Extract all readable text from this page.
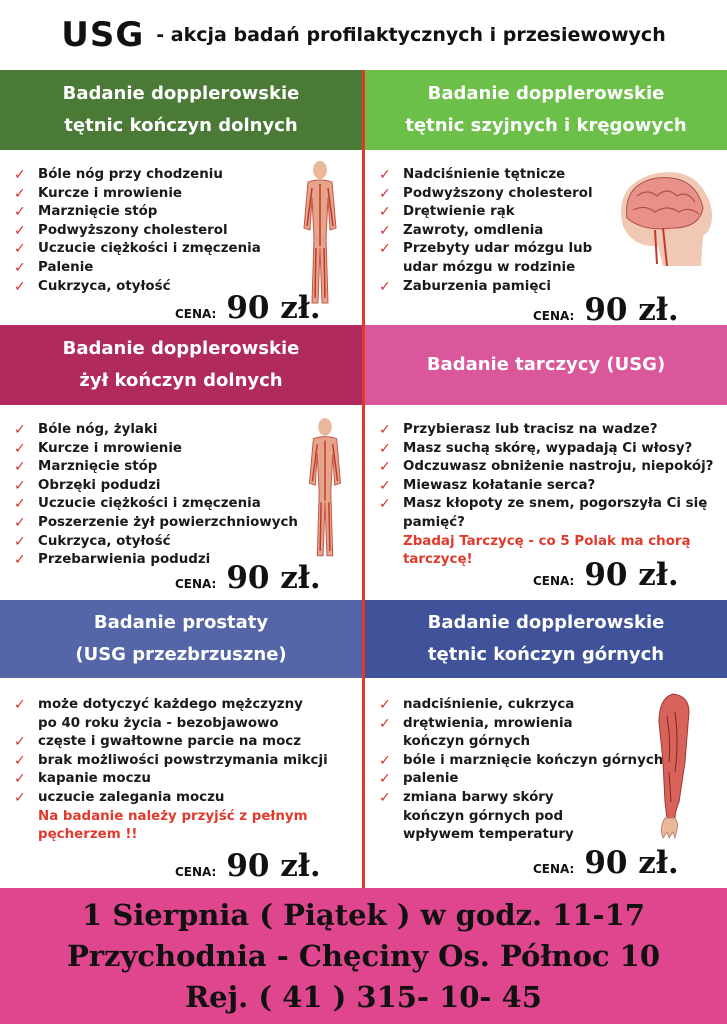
USG - akcja badań profilaktycznych i przesiewowych
Badanie dopplerowskie
tętnic kończyn dolnych
✓ Bóle nóg przy chodzeniu
✓ Kurcze i mrowienie
✓ Marznięcie stóp
✓ Podwyższony cholesterol
✓ Uczucie ciężkości i zmęczenia
✓ Palenie
✓ Cukrzyca, otyłość
CENA: 90 zł.
Badanie dopplerowskie
tętnic szyjnych i kręgowych
✓ Nadciśnienie tętnicze
✓ Podwyższony cholesterol
✓ Drętwienie rąk
✓ Zawroty, omdlenia
✓ Przebyty udar mózgu lub
udar mózgu w rodzinie
✓ Zaburzenia pamięci
CENA: 90 zł.
Badanie dopplerowskie
żył kończyn dolnych
✓ Bóle nóg, żylaki
✓ Kurcze i mrowienie
✓ Marznięcie stóp
✓ Obrzęki podudzi
✓ Uczucie ciężkości i zmęczenia
✓ Poszerzenie żył powierzchniowych
✓ Cukrzyca, otyłość
✓ Przebarwienia podudzi
CENA: 90 zł.
Badanie tarczycy (USG)
✓ Przybierasz lub tracisz na wadze?
✓ Masz suchą skórę, wypadają Ci włosy?
✓ Odczuwasz obniżenie nastroju, niepokój?
✓ Miewasz kołatanie serca?
✓ Masz kłopoty ze snem, pogorszyła Ci się
pamięć?
Zbadaj Tarczycę - co 5 Polak ma chorą
tarczycę!
CENA: 90 zł.
Badanie prostaty
(USG przezbrzuszne)
✓ może dotyczyć każdego mężczyzny
po 40 roku życia - bezobjawowo
✓ częste i gwałtowne parcie na mocz
✓ brak możliwości powstrzymania mikcji
✓ kapanie moczu
✓ uczucie zalegania moczu
Na badanie należy przyjść z pełnym
pęcherzem !!
CENA: 90 zł.
Badanie dopplerowskie
tętnic kończyn górnych
✓ nadciśnienie, cukrzyca
✓ drętwienia, mrowienia
kończyn górnych
✓ bóle i marznięcie kończyn górnych
✓ palenie
✓ zmiana barwy skóry
kończyn górnych pod
wpływem temperatury
CENA: 90 zł.
1 Sierpnia ( Piątek ) w godz. 11-17
Przychodnia - Chęciny Os. Północ 10
Rej. ( 41 ) 315- 10- 45
